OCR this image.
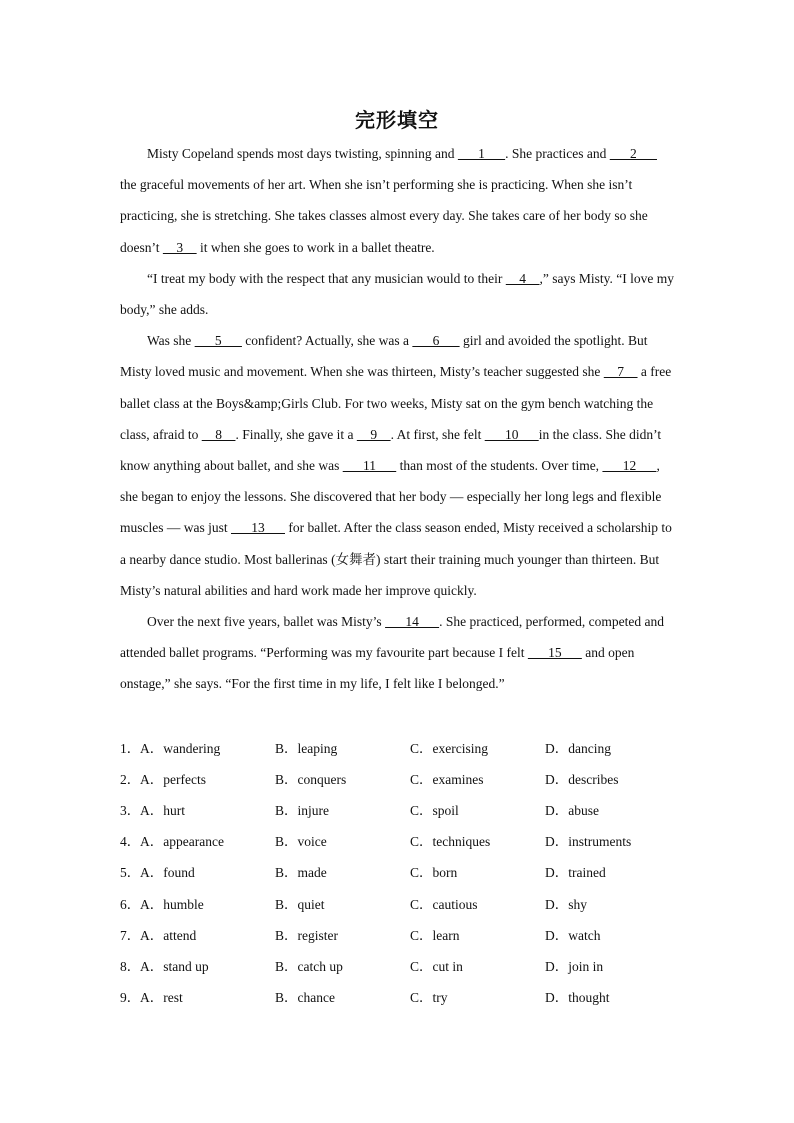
完形填空

Misty Copeland spends most days twisting, spinning and       1      . She practices and       2       the graceful movements of her art. When she isn’t performing she is practicing. When she isn’t practicing, she is stretching. She takes classes almost every day. She takes care of her body so she doesn’t     3     it when she goes to work in a ballet theatre.

“I treat my body with the respect that any musician would to their     4    ,” says Misty. “I love my body,” she adds.

Was she       5       confident? Actually, she was a       6       girl and avoided the spotlight. But Misty loved music and movement. When she was thirteen, Misty’s teacher suggested she     7     a free ballet class at the Boys&amp;Girls Club. For two weeks, Misty sat on the gym bench watching the class, afraid to     8    . Finally, she gave it a     9    . At first, she felt       10      in the class. She didn’t know anything about ballet, and she was       11       than most of the students. Over time,       12      , she began to enjoy the lessons. She discovered that her body — especially her long legs and flexible muscles — was just       13       for ballet. After the class season ended, Misty received a scholarship to a nearby dance studio. Most ballerinas (女舞者) start their training much younger than thirteen. But Misty’s natural abilities and hard work made her improve quickly.

Over the next five years, ballet was Misty’s       14      . She practiced, performed, competed and attended ballet programs. “Performing was my favourite part because I felt       15       and open onstage,” she says. “For the first time in my life, I felt like I belonged.”

1． A．wandering	B．leaping	C．exercising	D．dancing
2． A．perfects	B．conquers	C．examines	D．describes
3． A．hurt	B．injure	C．spoil	D．abuse
4． A．appearance	B．voice	C．techniques	D．instruments
5． A．found	B．made	C．born	D．trained
6． A．humble	B．quiet	C．cautious	D．shy
7． A．attend	B．register	C．learn	D．watch
8． A．stand up	B．catch up	C．cut in	D．join in
9． A．rest	B．chance	C．try	D．thought
